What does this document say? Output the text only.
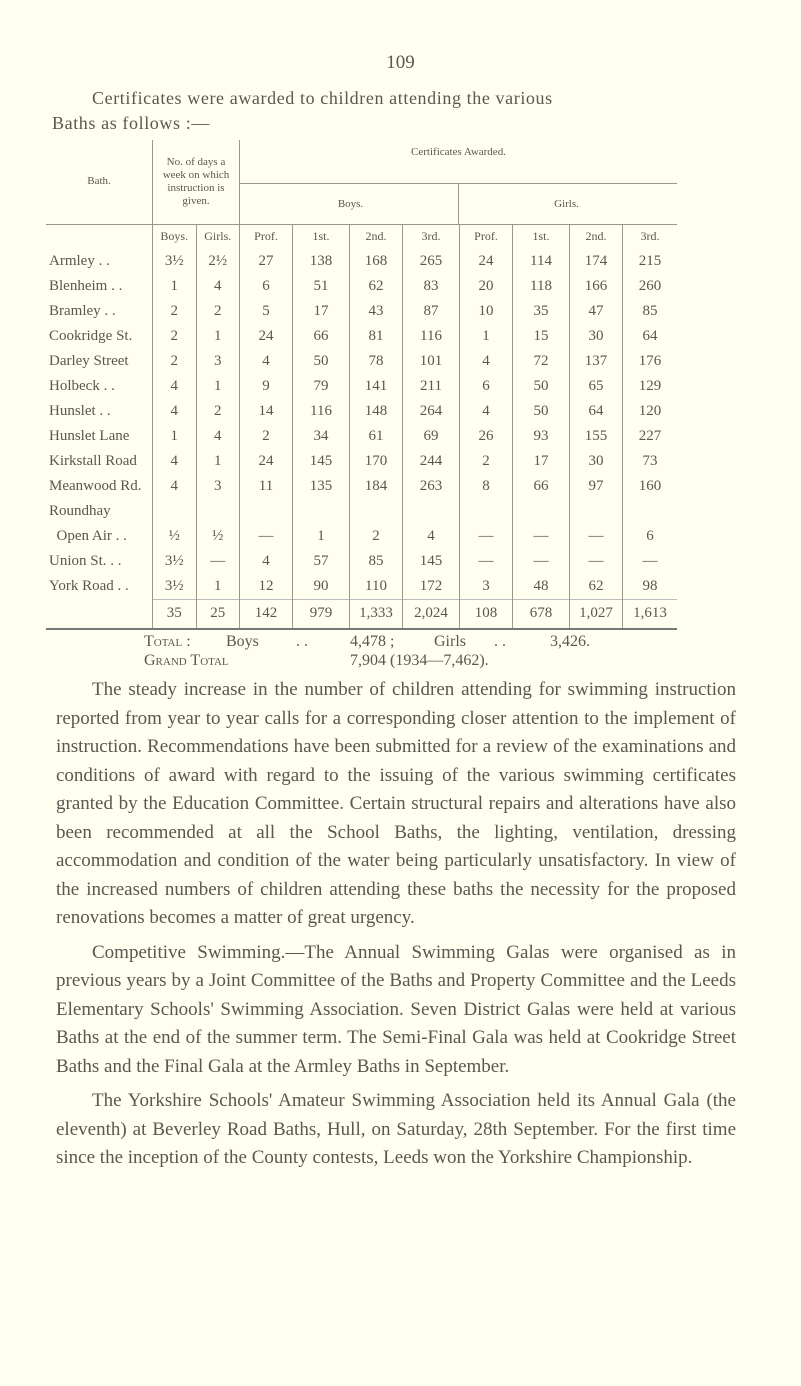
109
Certificates were awarded to children attending the various
Baths as follows :—
Bath.	No. of days a week on which instruction is given.		Certificates Awarded.
Boys. Girls.							

	Boys.	Girls.	Prof.	1st.	2nd.	3rd.	Prof.	1st.	2nd.	3rd.
Armley . .	3½	2½	27	138	168	265	24	114	174	215
Blenheim . .	1	4	6	51	62	83	20	118	166	260
Bramley . .	2	2	5	17	43	87	10	35	47	85
Cookridge St.	2	1	24	66	81	116	1	15	30	64
Darley Street	2	3	4	50	78	101	4	72	137	176
Holbeck . .	4	1	9	79	141	211	6	50	65	129
Hunslet . .	4	2	14	116	148	264	4	50	64	120
Hunslet Lane	1	4	2	34	61	69	26	93	155	227
Kirkstall Road	4	1	24	145	170	244	2	17	30	73
Meanwood Rd.	4	3	11	135	184	263	8	66	97	160
Roundhay										
Open Air . .	½	½	—	1	2	4	—	—	—	6
Union St. . .	3½	—	4	57	85	145	—	—	—	—
York Road . .	3½	1	12	90	110	172	3	48	62	98
	35	25	142	979	1,333	2,024	108	678	1,027	1,613
Total : Boys . .	4,478 ; Girls . .	3,426.
Grand Total	7,904 (1934—7,462).

The steady increase in the number of children attending for swimming instruction reported from year to year calls for a corresponding closer attention to the implement of instruction. Recommendations have been submitted for a review of the examinations and conditions of award with regard to the issuing of the various swimming certificates granted by the Education Committee. Certain structural repairs and alterations have also been recommended at all the School Baths, the lighting, ventilation, dressing accommodation and condition of the water being particularly unsatisfactory. In view of the increased numbers of children attending these baths the necessity for the proposed renovations becomes a matter of great urgency.

Competitive Swimming.—The Annual Swimming Galas were organised as in previous years by a Joint Committee of the Baths and Property Committee and the Leeds Elementary Schools' Swimming Association. Seven District Galas were held at various Baths at the end of the summer term. The Semi-Final Gala was held at Cookridge Street Baths and the Final Gala at the Armley Baths in September.

The Yorkshire Schools' Amateur Swimming Association held its Annual Gala (the eleventh) at Beverley Road Baths, Hull, on Saturday, 28th September. For the first time since the inception of the County contests, Leeds won the Yorkshire Championship.
